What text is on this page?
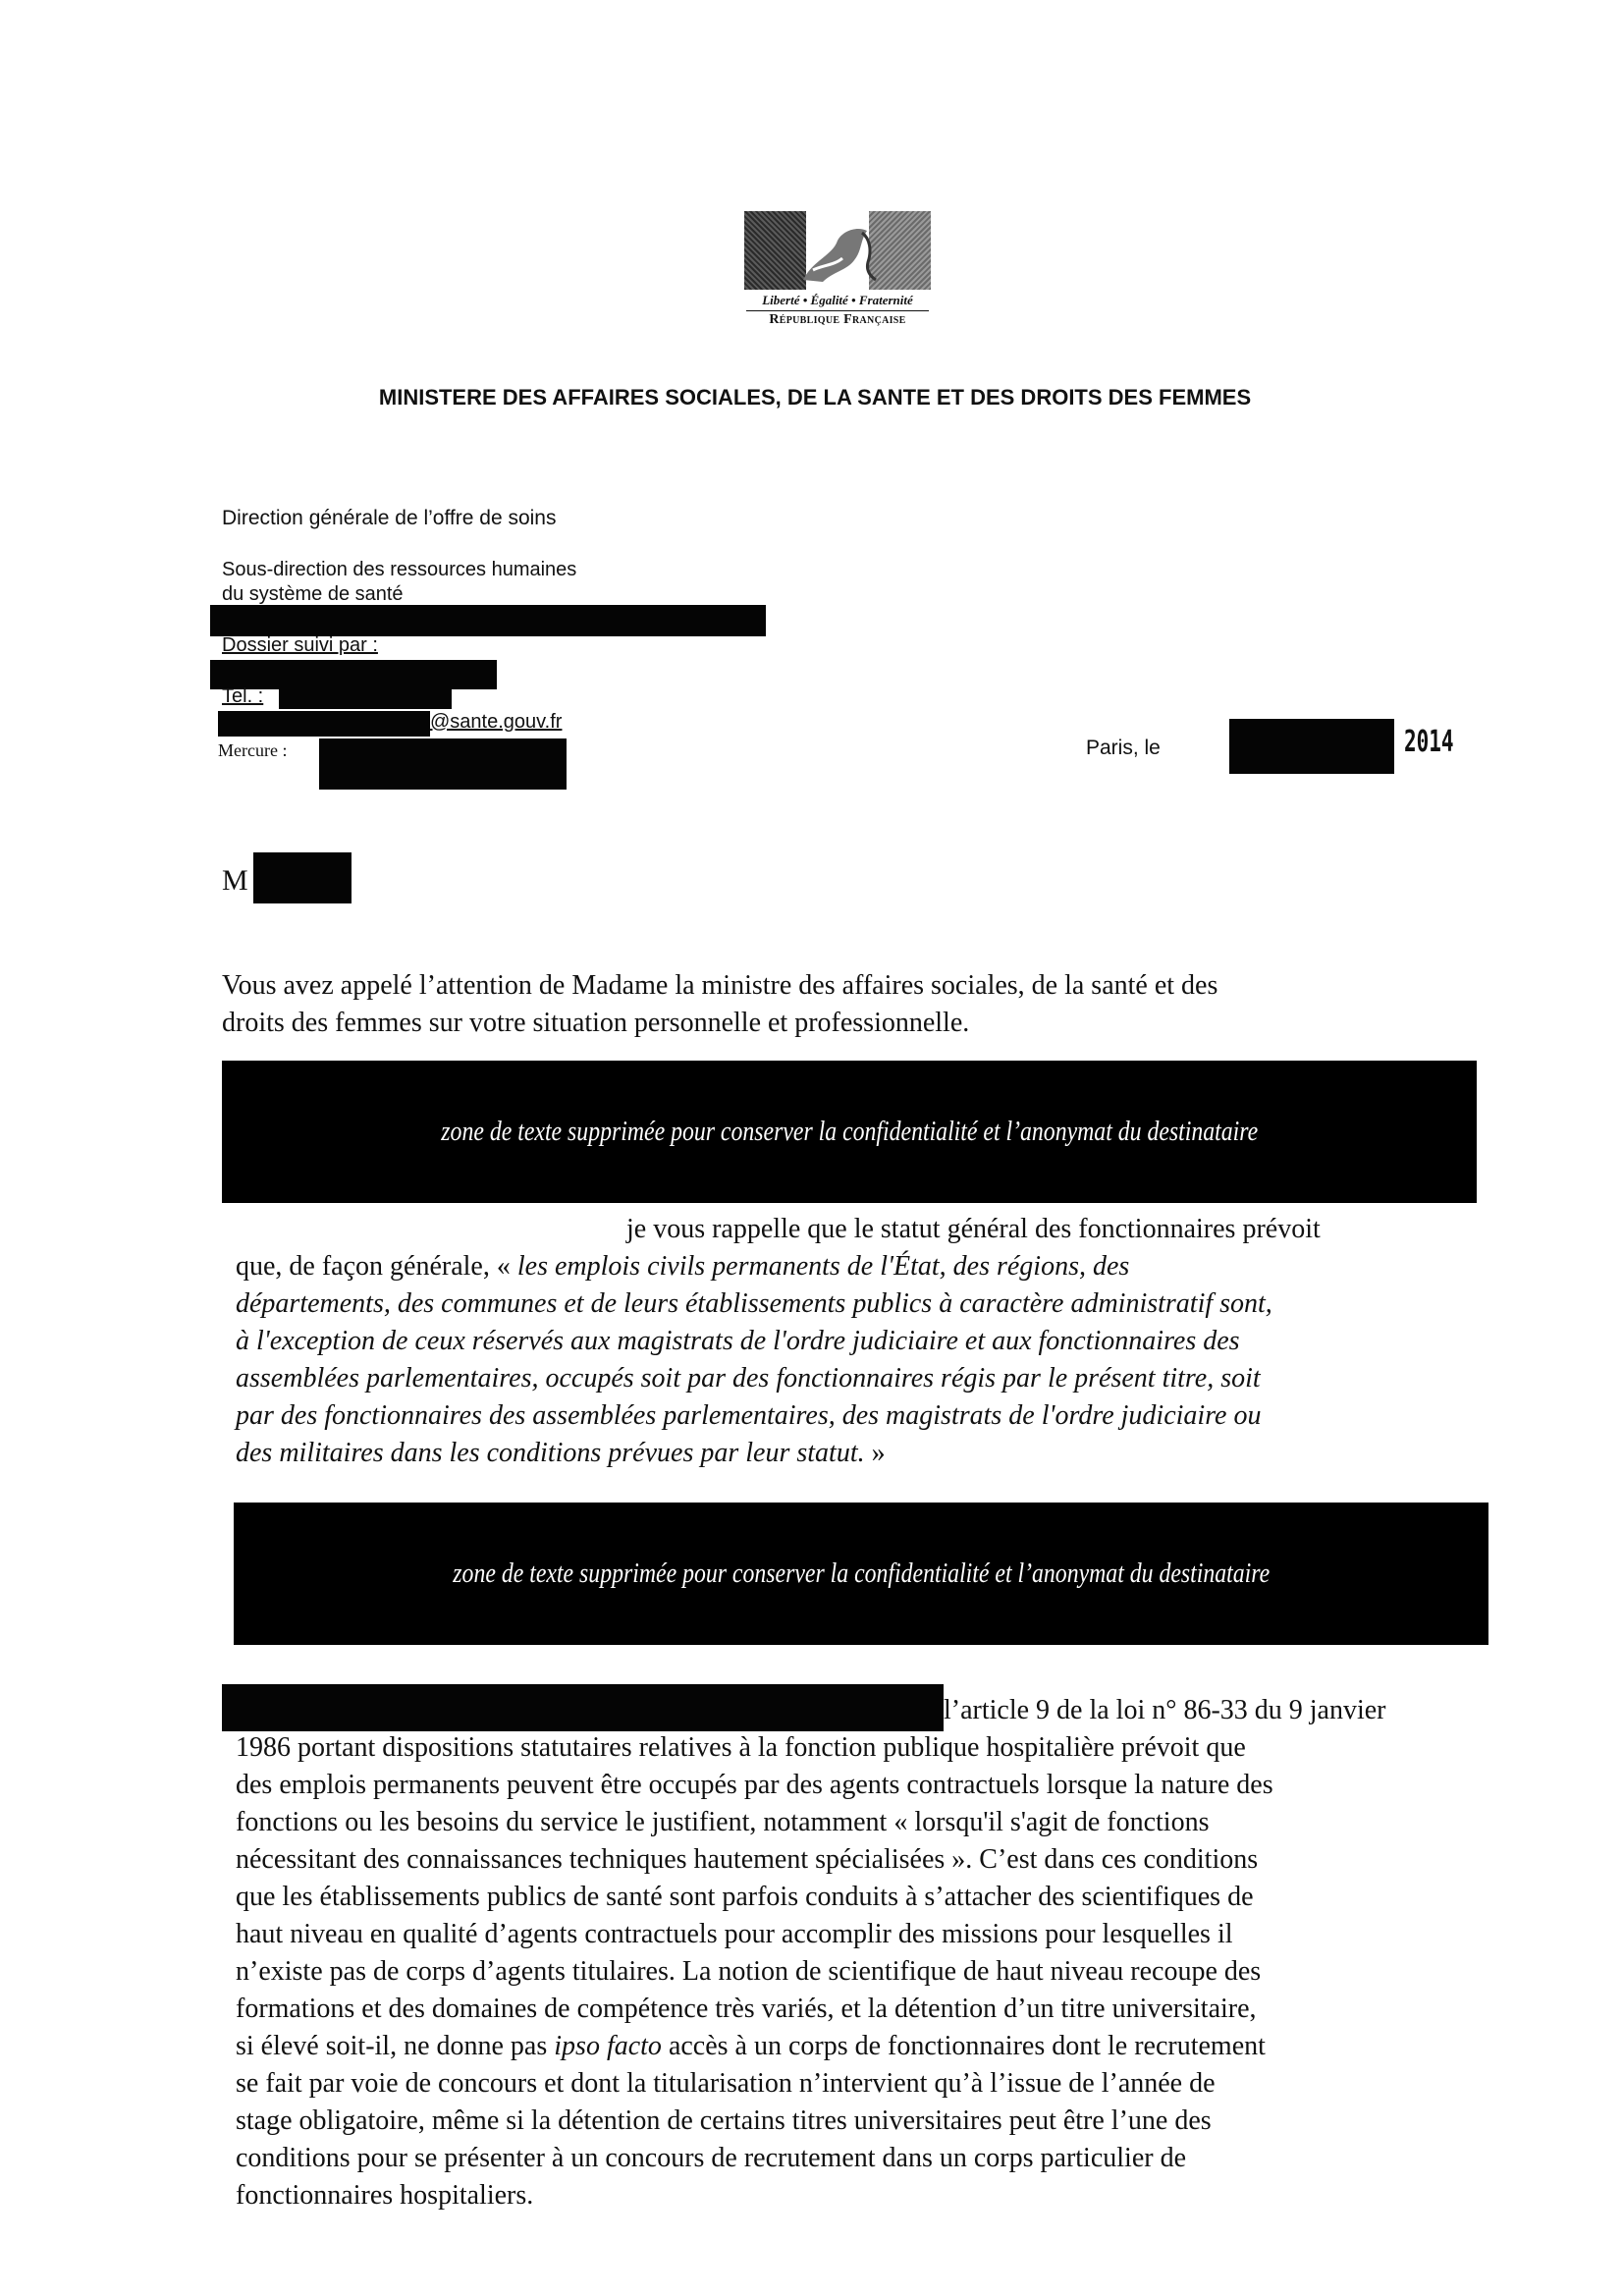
Liberté • Égalité • Fraternité
République Française
MINISTERE DES AFFAIRES SOCIALES, DE LA SANTE ET DES DROITS DES FEMMES
Direction générale de l’offre de soins
Sous-direction des ressources humaines
du système de santé
Dossier suivi par :
Tel. :
@sante.gouv.fr
Mercure :	Paris, le	2014
M
Vous avez appelé l’attention de Madame la ministre des affaires sociales, de la santé et des
droits des femmes sur votre situation personnelle et professionnelle.
zone de texte supprimée pour conserver la confidentialité et l’anonymat du destinataire
je vous rappelle que le statut général des fonctionnaires prévoit
que, de façon générale, « les emplois civils permanents de l'État, des régions, des
départements, des communes et de leurs établissements publics à caractère administratif sont,
à l'exception de ceux réservés aux magistrats de l'ordre judiciaire et aux fonctionnaires des
assemblées parlementaires, occupés soit par des fonctionnaires régis par le présent titre, soit
par des fonctionnaires des assemblées parlementaires, des magistrats de l'ordre judiciaire ou
des militaires dans les conditions prévues par leur statut. »
zone de texte supprimée pour conserver la confidentialité et l’anonymat du destinataire
l’article 9 de la loi n° 86-33 du 9 janvier
1986 portant dispositions statutaires relatives à la fonction publique hospitalière prévoit que
des emplois permanents peuvent être occupés par des agents contractuels lorsque la nature des
fonctions ou les besoins du service le justifient, notamment « lorsqu'il s'agit de fonctions
nécessitant des connaissances techniques hautement spécialisées ». C’est dans ces conditions
que les établissements publics de santé sont parfois conduits à s’attacher des scientifiques de
haut niveau en qualité d’agents contractuels pour accomplir des missions pour lesquelles il
n’existe pas de corps d’agents titulaires. La notion de scientifique de haut niveau recoupe des
formations et des domaines de compétence très variés, et la détention d’un titre universitaire,
si élevé soit-il, ne donne pas ipso facto accès à un corps de fonctionnaires dont le recrutement
se fait par voie de concours et dont la titularisation n’intervient qu’à l’issue de l’année de
stage obligatoire, même si la détention de certains titres universitaires peut être l’une des
conditions pour se présenter à un concours de recrutement dans un corps particulier de
fonctionnaires hospitaliers.
